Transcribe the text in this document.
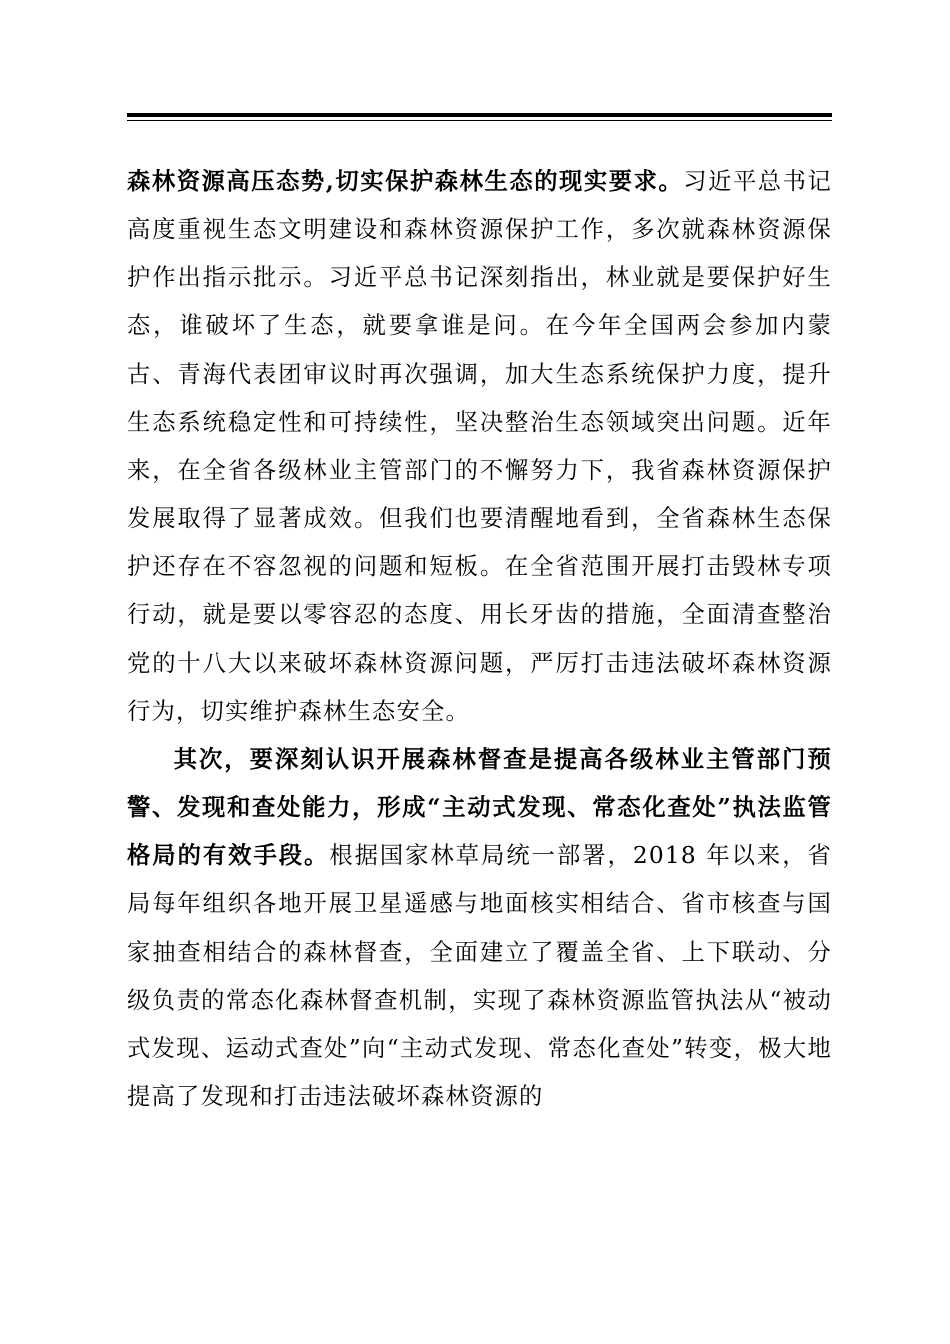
森林资源高压态势,切实保护森林生态的现实要求。习近平总书记高度重视生态文明建设和森林资源保护工作，多次就森林资源保护作出指示批示。习近平总书记深刻指出，林业就是要保护好生态，谁破坏了生态，就要拿谁是问。在今年全国两会参加内蒙古、青海代表团审议时再次强调，加大生态系统保护力度，提升生态系统稳定性和可持续性，坚决整治生态领域突出问题。近年来，在全省各级林业主管部门的不懈努力下，我省森林资源保护发展取得了显著成效。但我们也要清醒地看到，全省森林生态保护还存在不容忽视的问题和短板。在全省范围开展打击毁林专项行动，就是要以零容忍的态度、用长牙齿的措施，全面清查整治党的十八大以来破坏森林资源问题，严厉打击违法破坏森林资源行为，切实维护森林生态安全。

其次，要深刻认识开展森林督查是提高各级林业主管部门预警、发现和查处能力，形成“主动式发现、常态化查处”执法监管格局的有效手段。根据国家林草局统一部署，2018 年以来，省局每年组织各地开展卫星遥感与地面核实相结合、省市核查与国家抽查相结合的森林督查，全面建立了覆盖全省、上下联动、分级负责的常态化森林督查机制，实现了森林资源监管执法从“被动式发现、运动式查处”向“主动式发现、常态化查处”转变，极大地提高了发现和打击违法破坏森林资源的
